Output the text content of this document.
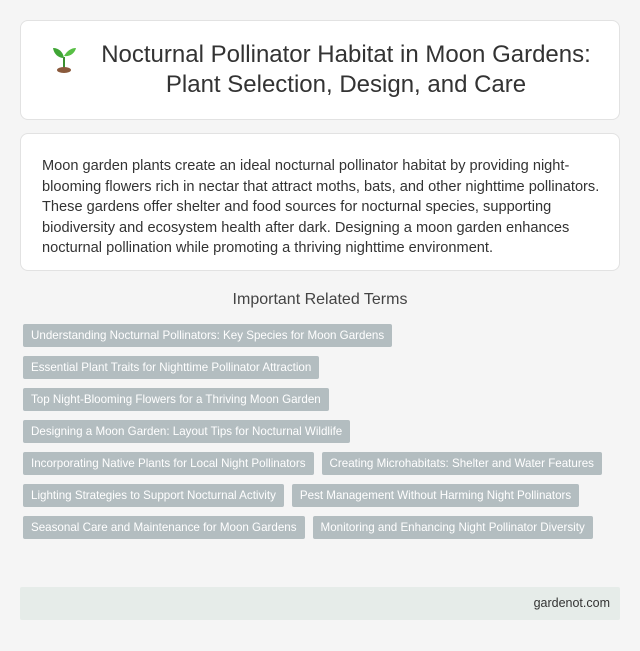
Nocturnal Pollinator Habitat in Moon Gardens: Plant Selection, Design, and Care

Moon garden plants create an ideal nocturnal pollinator habitat by providing night-blooming flowers rich in nectar that attract moths, bats, and other nighttime pollinators. These gardens offer shelter and food sources for nocturnal species, supporting biodiversity and ecosystem health after dark. Designing a moon garden enhances nocturnal pollination while promoting a thriving nighttime environment.

Important Related Terms
Understanding Nocturnal Pollinators: Key Species for Moon Gardens
Essential Plant Traits for Nighttime Pollinator Attraction
Top Night-Blooming Flowers for a Thriving Moon Garden
Designing a Moon Garden: Layout Tips for Nocturnal Wildlife
Incorporating Native Plants for Local Night Pollinators	Creating Microhabitats: Shelter and Water Features
Lighting Strategies to Support Nocturnal Activity	Pest Management Without Harming Night Pollinators
Seasonal Care and Maintenance for Moon Gardens	Monitoring and Enhancing Night Pollinator Diversity
gardenot.com
